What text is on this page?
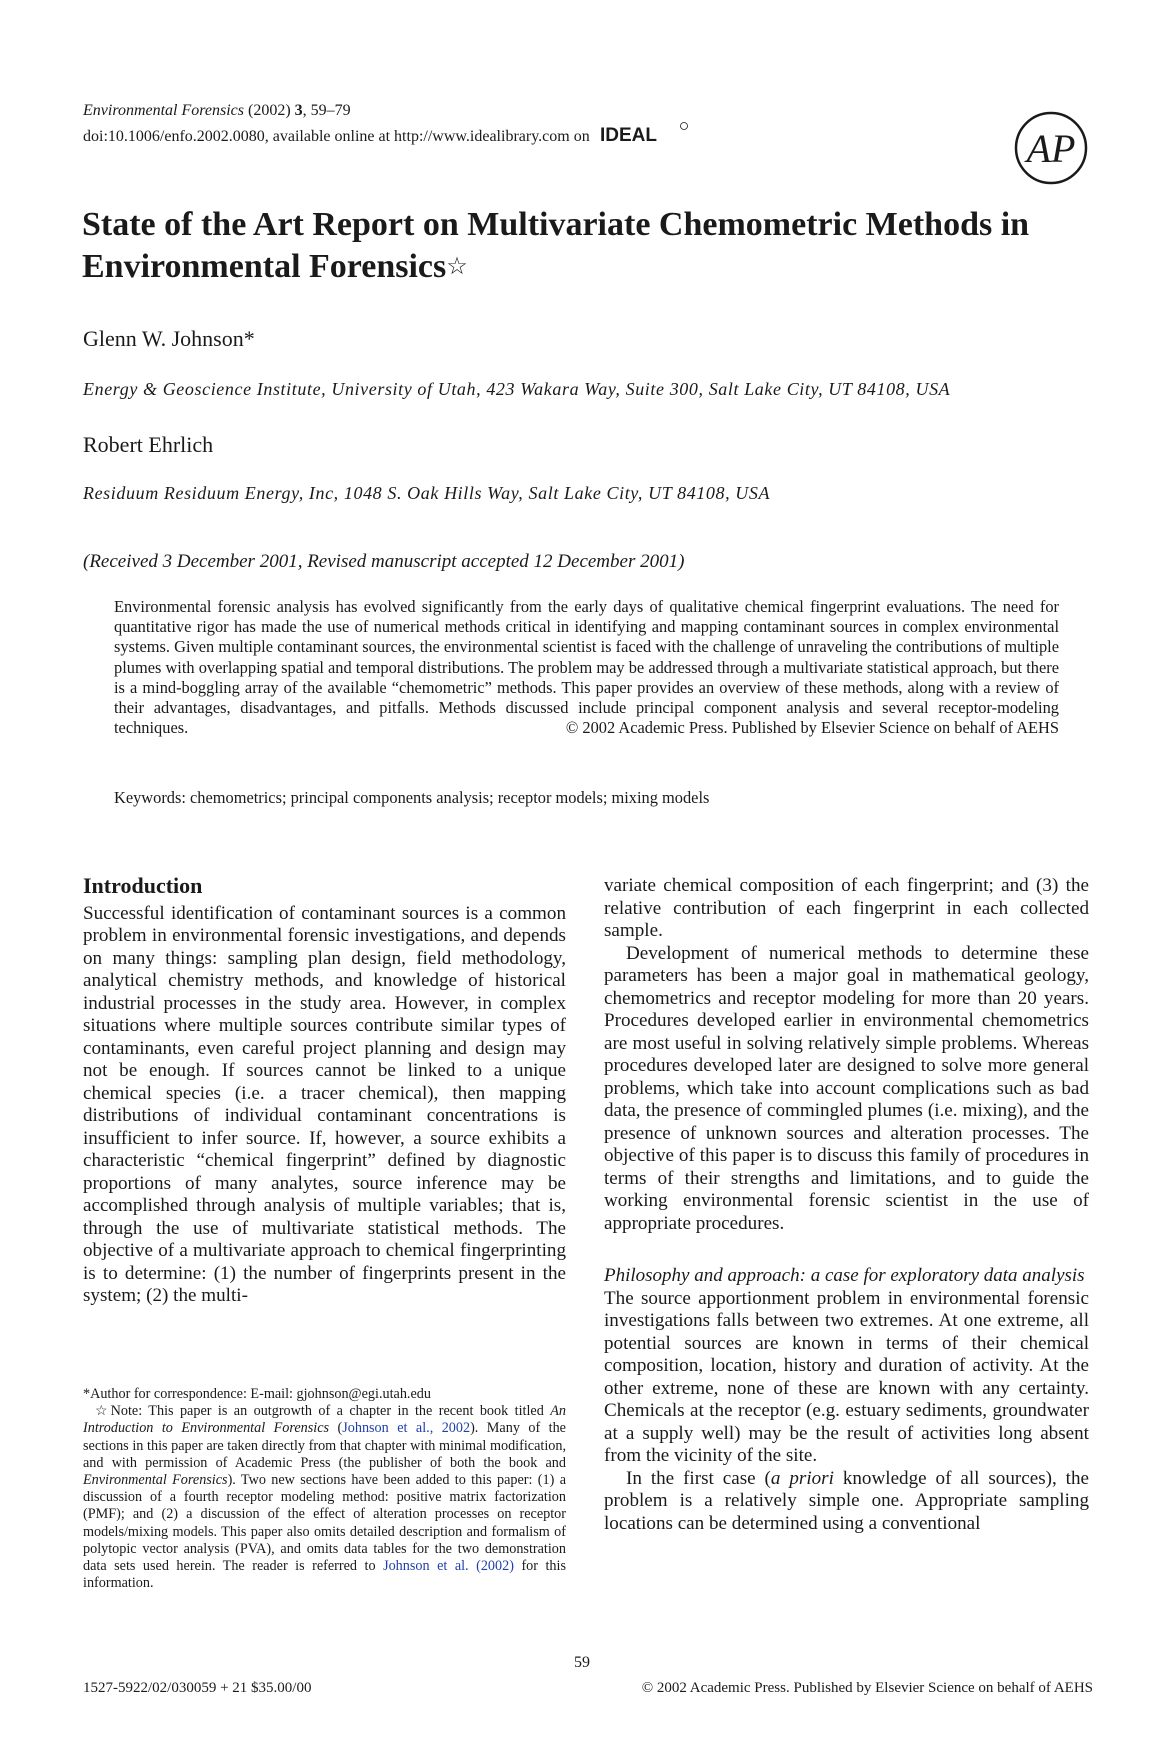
Environmental Forensics (2002) 3, 59–79
doi:10.1006/enfo.2002.0080, available online at http://www.idealibrary.com on IDEAL	AP
State of the Art Report on Multivariate Chemometric Methods in Environmental Forensics☆
Glenn W. Johnson*
Energy & Geoscience Institute, University of Utah, 423 Wakara Way, Suite 300, Salt Lake City, UT 84108, USA
Robert Ehrlich
Residuum Residuum Energy, Inc, 1048 S. Oak Hills Way, Salt Lake City, UT 84108, USA
(Received 3 December 2001, Revised manuscript accepted 12 December 2001)
Environmental forensic analysis has evolved significantly from the early days of qualitative chemical fingerprint evaluations. The need for quantitative rigor has made the use of numerical methods critical in identifying and mapping contaminant sources in complex environmental systems. Given multiple contaminant sources, the environmental scientist is faced with the challenge of unraveling the contributions of multiple plumes with overlapping spatial and temporal distributions. The problem may be addressed through a multivariate statistical approach, but there is a mind-boggling array of the available “chemometric” methods. This paper provides an overview of these methods, along with a review of their advantages, disadvantages, and pitfalls. Methods discussed include principal component analysis and several receptor-modeling techniques.	© 2002 Academic Press. Published by Elsevier Science on behalf of AEHS
Keywords: chemometrics; principal components analysis; receptor models; mixing models
Introduction

Successful identification of contaminant sources is a common problem in environmental forensic investigations, and depends on many things: sampling plan design, field methodology, analytical chemistry methods, and knowledge of historical industrial processes in the study area. However, in complex situations where multiple sources contribute similar types of contaminants, even careful project planning and design may not be enough. If sources cannot be linked to a unique chemical species (i.e. a tracer chemical), then mapping distributions of individual contaminant concentrations is insufficient to infer source. If, however, a source exhibits a characteristic “chemical fingerprint” defined by diagnostic proportions of many analytes, source inference may be accomplished through analysis of multiple variables; that is, through the use of multivariate statistical methods. The objective of a multivariate approach to chemical fingerprinting is to determine: (1) the number of fingerprints present in the system; (2) the multi-

*Author for correspondence: E-mail: gjohnson@egi.utah.edu

☆Note: This paper is an outgrowth of a chapter in the recent book titled An Introduction to Environmental Forensics (Johnson et al., 2002). Many of the sections in this paper are taken directly from that chapter with minimal modification, and with permission of Academic Press (the publisher of both the book and Environmental Forensics). Two new sections have been added to this paper: (1) a discussion of a fourth receptor modeling method: positive matrix factorization (PMF); and (2) a discussion of the effect of alteration processes on receptor models/mixing models. This paper also omits detailed description and formalism of polytopic vector analysis (PVA), and omits data tables for the two demonstration data sets used herein. The reader is referred to Johnson et al. (2002) for this information.

variate chemical composition of each fingerprint; and (3) the relative contribution of each fingerprint in each collected sample.

Development of numerical methods to determine these parameters has been a major goal in mathematical geology, chemometrics and receptor modeling for more than 20 years. Procedures developed earlier in environmental chemometrics are most useful in solving relatively simple problems. Whereas procedures developed later are designed to solve more general problems, which take into account complications such as bad data, the presence of commingled plumes (i.e. mixing), and the presence of unknown sources and alteration processes. The objective of this paper is to discuss this family of procedures in terms of their strengths and limitations, and to guide the working environmental forensic scientist in the use of appropriate procedures.

Philosophy and approach: a case for exploratory data analysis

The source apportionment problem in environmental forensic investigations falls between two extremes. At one extreme, all potential sources are known in terms of their chemical composition, location, history and duration of activity. At the other extreme, none of these are known with any certainty. Chemicals at the receptor (e.g. estuary sediments, groundwater at a supply well) may be the result of activities long absent from the vicinity of the site.

In the first case (a priori knowledge of all sources), the problem is a relatively simple one. Appropriate sampling locations can be determined using a conventional

59
1527-5922/02/030059 + 21 $35.00/00	© 2002 Academic Press. Published by Elsevier Science on behalf of AEHS
